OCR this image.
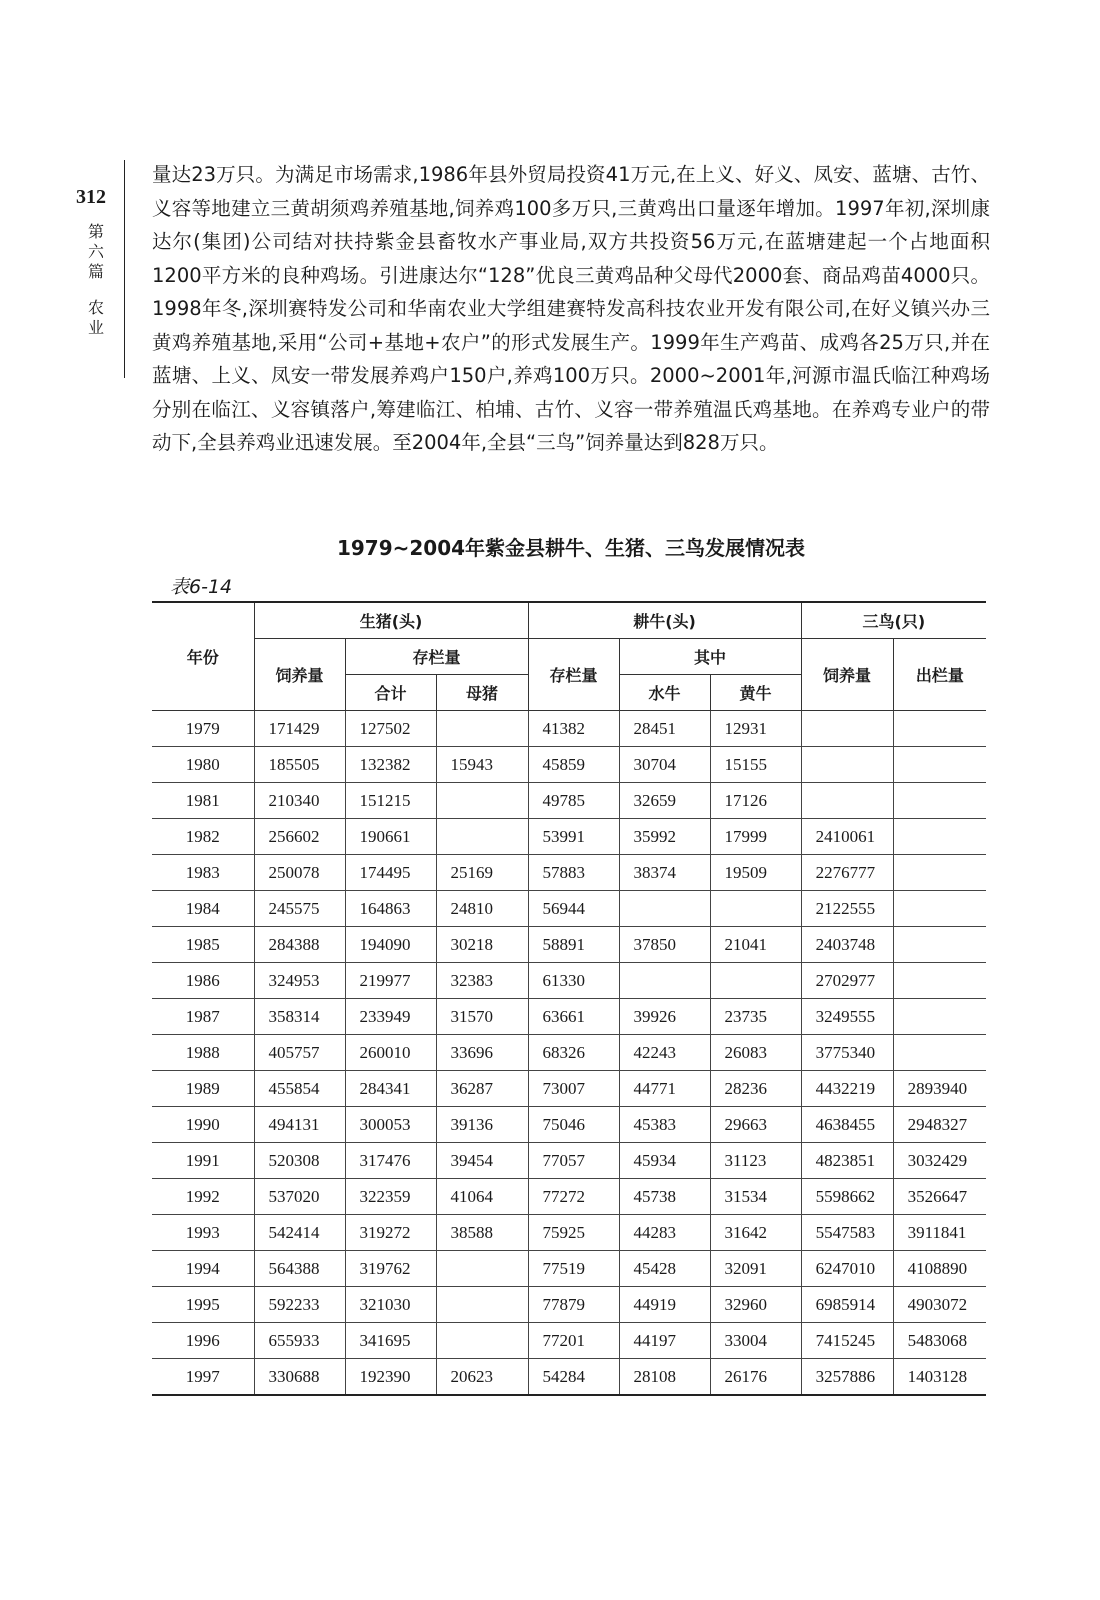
312
第六篇
农业

量达23万只。为满足市场需求,1986年县外贸局投资41万元,在上义、好义、凤安、蓝塘、古竹、义容等地建立三黄胡须鸡养殖基地,饲养鸡100多万只,三黄鸡出口量逐年增加。1997年初,深圳康达尔(集团)公司结对扶持紫金县畜牧水产事业局,双方共投资56万元,在蓝塘建起一个占地面积1200平方米的良种鸡场。引进康达尔“128”优良三黄鸡品种父母代2000套、商品鸡苗4000只。1998年冬,深圳赛特发公司和华南农业大学组建赛特发高科技农业开发有限公司,在好义镇兴办三黄鸡养殖基地,采用“公司+基地+农户”的形式发展生产。1999年生产鸡苗、成鸡各25万只,并在蓝塘、上义、凤安一带发展养鸡户150户,养鸡100万只。2000~2001年,河源市温氏临江种鸡场分别在临江、义容镇落户,筹建临江、柏埔、古竹、义容一带养殖温氏鸡基地。在养鸡专业户的带动下,全县养鸡业迅速发展。至2004年,全县“三鸟”饲养量达到828万只。

1979~2004年紫金县耕牛、生猪、三鸟发展情况表
表6-14
年份	生猪(头)			耕牛(头)			三鸟(只)	
	饲养量	存栏量		存栏量	其中		饲养量	出栏量
		合计	母猪		水牛	黄牛		
1979	171429	127502		41382	28451	12931		
1980	185505	132382	15943	45859	30704	15155		
1981	210340	151215		49785	32659	17126		
1982	256602	190661		53991	35992	17999	2410061	
1983	250078	174495	25169	57883	38374	19509	2276777	
1984	245575	164863	24810	56944			2122555	
1985	284388	194090	30218	58891	37850	21041	2403748	
1986	324953	219977	32383	61330			2702977	
1987	358314	233949	31570	63661	39926	23735	3249555	
1988	405757	260010	33696	68326	42243	26083	3775340	
1989	455854	284341	36287	73007	44771	28236	4432219	2893940
1990	494131	300053	39136	75046	45383	29663	4638455	2948327
1991	520308	317476	39454	77057	45934	31123	4823851	3032429
1992	537020	322359	41064	77272	45738	31534	5598662	3526647
1993	542414	319272	38588	75925	44283	31642	5547583	3911841
1994	564388	319762		77519	45428	32091	6247010	4108890
1995	592233	321030		77879	44919	32960	6985914	4903072
1996	655933	341695		77201	44197	33004	7415245	5483068
1997	330688	192390	20623	54284	28108	26176	3257886	1403128
